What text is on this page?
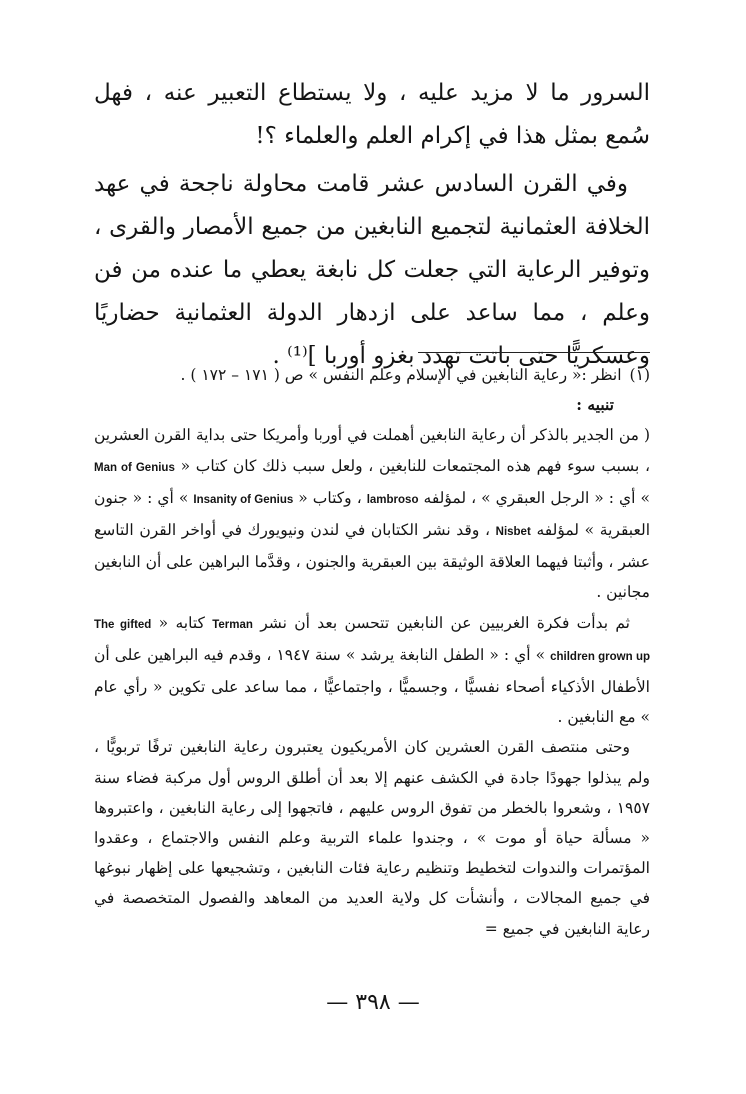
السرور ما لا مزيد عليه ، ولا يستطاع التعبير عنه ، فهل سُمع بمثل هذا في إكرام العلم والعلماء ؟!

وفي القرن السادس عشر قامت محاولة ناجحة في عهد الخلافة العثمانية لتجميع النابغين من جميع الأمصار والقرى ، وتوفير الرعاية التي جعلت كل نابغة يعطي ما عنده من فن وعلم ، مما ساعد على ازدهار الدولة العثمانية حضاريًا وعسكريًّا حتى باتت تهدد بغزو أوربا ]⁽¹⁾ .

(١)
انظر :« رعاية النابغين في الإسلام وعلم النفس » ص ( ١٧١ – ١٧٢ ) .

تنبيه :

( من الجدير بالذكر أن رعاية النابغين أهملت في أوربا وأمريكا حتى بداية القرن العشرين ، بسبب سوء فهم هذه المجتمعات للنابغين ، ولعل سبب ذلك كان كتاب « Man of Genius » أي : « الرجل العبقري » ، لمؤلفه lambroso ، وكتاب « Insanity of Genius » أي : « جنون العبقرية » لمؤلفه Nisbet ، وقد نشر الكتابان في لندن ونيويورك في أواخر القرن التاسع عشر ، وأثبتا فيهما العلاقة الوثيقة بين العبقرية والجنون ، وقدَّما البراهين على أن النابغين مجانين .

ثم بدأت فكرة الغربيين عن النابغين تتحسن بعد أن نشر Terman كتابه « The gifted children grown up » أي : « الطفل النابغة يرشد » سنة ١٩٤٧ ، وقدم فيه البراهين على أن الأطفال الأذكياء أصحاء نفسيًّا ، وجسميًّا ، واجتماعيًّا ، مما ساعد على تكوين « رأي عام » مع النابغين .

وحتى منتصف القرن العشرين كان الأمريكيون يعتبرون رعاية النابغين ترفًا تربويًّا ، ولم يبذلوا جهودًا جادة في الكشف عنهم إلا بعد أن أطلق الروس أول مركبة فضاء سنة ١٩٥٧ ، وشعروا بالخطر من تفوق الروس عليهم ، فاتجهوا إلى رعاية النابغين ، واعتبروها « مسألة حياة أو موت » ، وجندوا علماء التربية وعلم النفس والاجتماع ، وعقدوا المؤتمرات والندوات لتخطيط وتنظيم رعاية فئات النابغين ، وتشجيعها على إظهار نبوغها في جميع المجالات ، وأنشأت كل ولاية العديد من المعاهد والفصول المتخصصة في رعاية النابغين في جميع =

— ٣٩٨ —
